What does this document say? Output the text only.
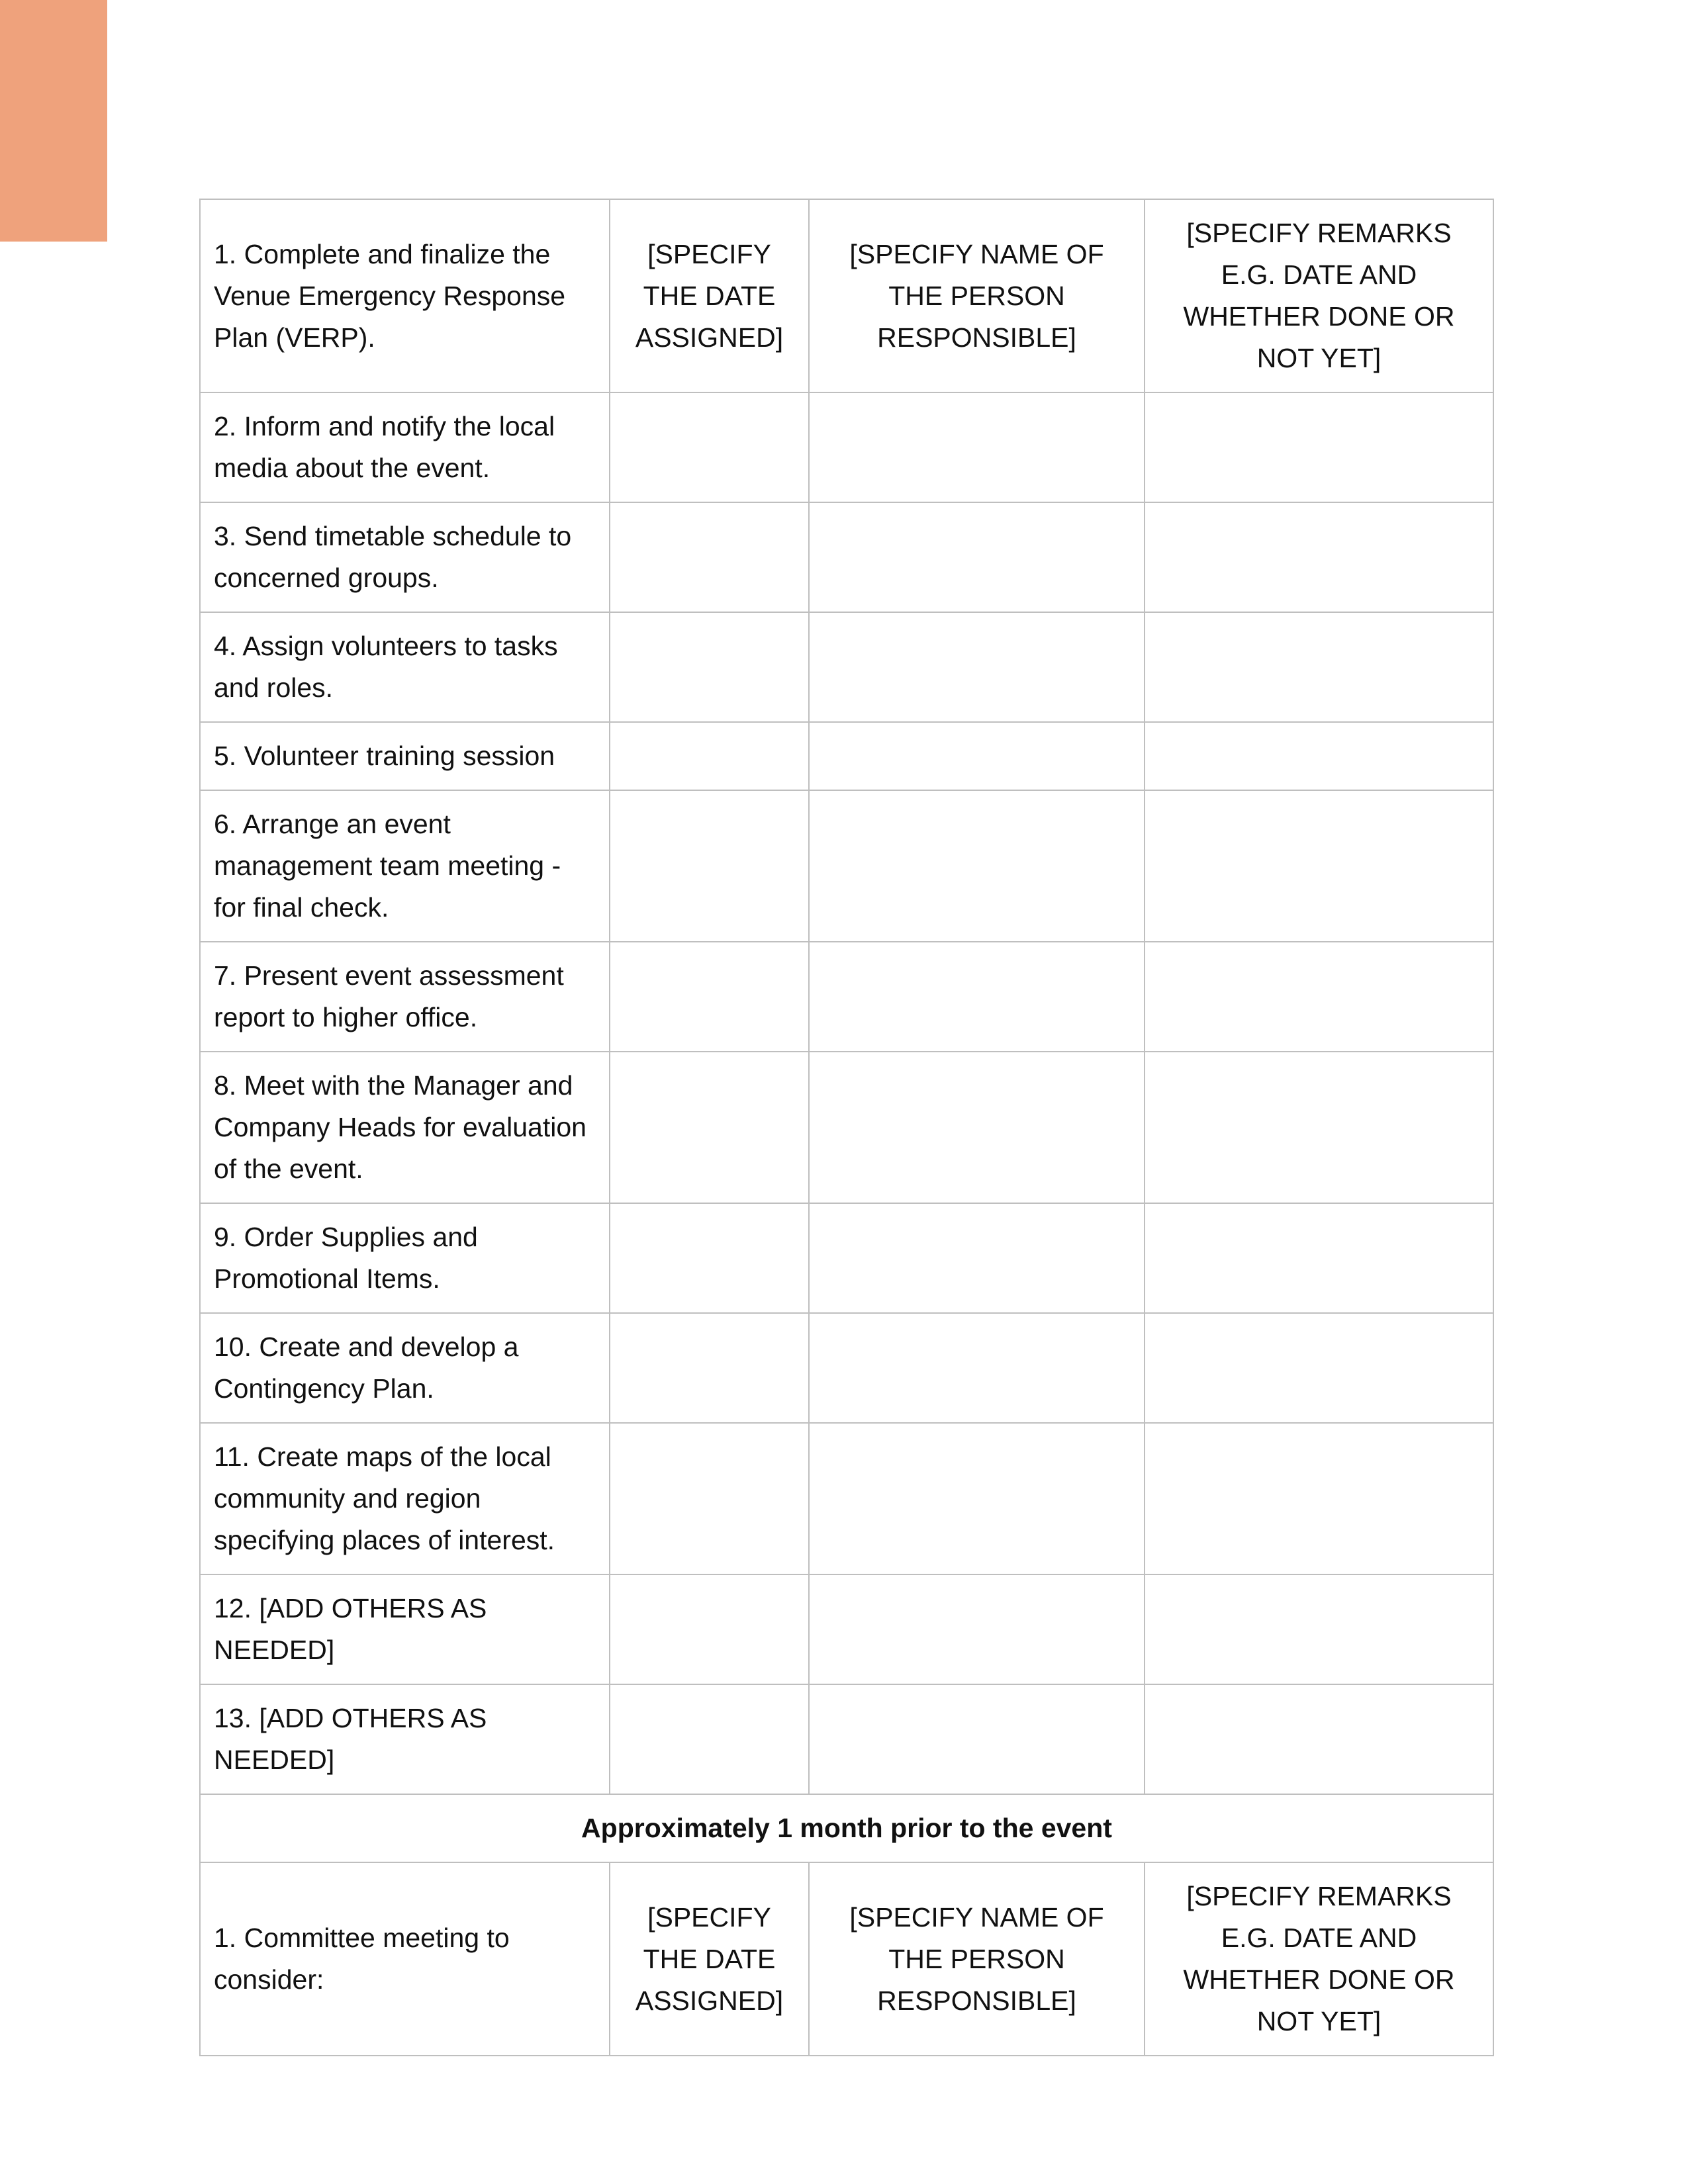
1. Complete and finalize the Venue Emergency Response Plan (VERP).	[SPECIFY THE DATE ASSIGNED]	[SPECIFY NAME OF THE PERSON RESPONSIBLE]	[SPECIFY REMARKS E.G. DATE AND WHETHER DONE OR NOT YET]
2. Inform and notify the local media about the event.			
3. Send timetable schedule to concerned groups.			
4. Assign volunteers to tasks and roles.			
5. Volunteer training session			
6. Arrange an event management team meeting - for final check.			
7. Present event assessment report to higher office.			
8. Meet with the Manager and Company Heads for evaluation of the event.			
9. Order Supplies and Promotional Items.			
10. Create and develop a Contingency Plan.			
11. Create maps of the local community and region specifying places of interest.			
12. [ADD OTHERS AS NEEDED]			
13. [ADD OTHERS AS NEEDED]			
Approximately 1 month prior to the event			
1. Committee meeting to consider:	[SPECIFY THE DATE ASSIGNED]	[SPECIFY NAME OF THE PERSON RESPONSIBLE]	[SPECIFY REMARKS E.G. DATE AND WHETHER DONE OR NOT YET]
